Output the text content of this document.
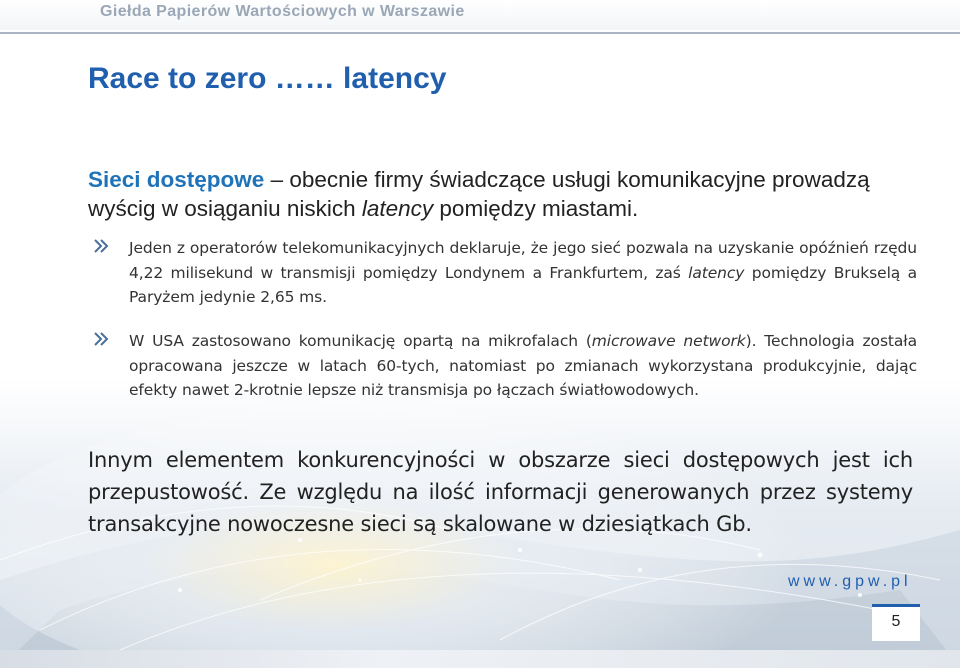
Giełda Papierów Wartościowych w Warszawie
Race to zero …… latency
Sieci dostępowe – obecnie firmy świadczące usługi komunikacyjne prowadzą wyścig w osiąganiu niskich latency pomiędzy miastami.
Jeden z operatorów telekomunikacyjnych deklaruje, że jego sieć pozwala na uzyskanie opóźnień rzędu 4,22 milisekund w transmisji pomiędzy Londynem a Frankfurtem, zaś latency pomiędzy Brukselą a Paryżem jedynie 2,65 ms.
W USA zastosowano komunikację opartą na mikrofalach (microwave network). Technologia została opracowana jeszcze w latach 60-tych, natomiast po zmianach wykorzystana produkcyjnie, dając efekty nawet 2-krotnie lepsze niż transmisja po łączach światłowodowych.
Innym elementem konkurencyjności w obszarze sieci dostępowych jest ich przepustowość. Ze względu na ilość informacji generowanych przez systemy transakcyjne nowoczesne sieci są skalowane w dziesiątkach Gb.
www.gpw.pl
5
